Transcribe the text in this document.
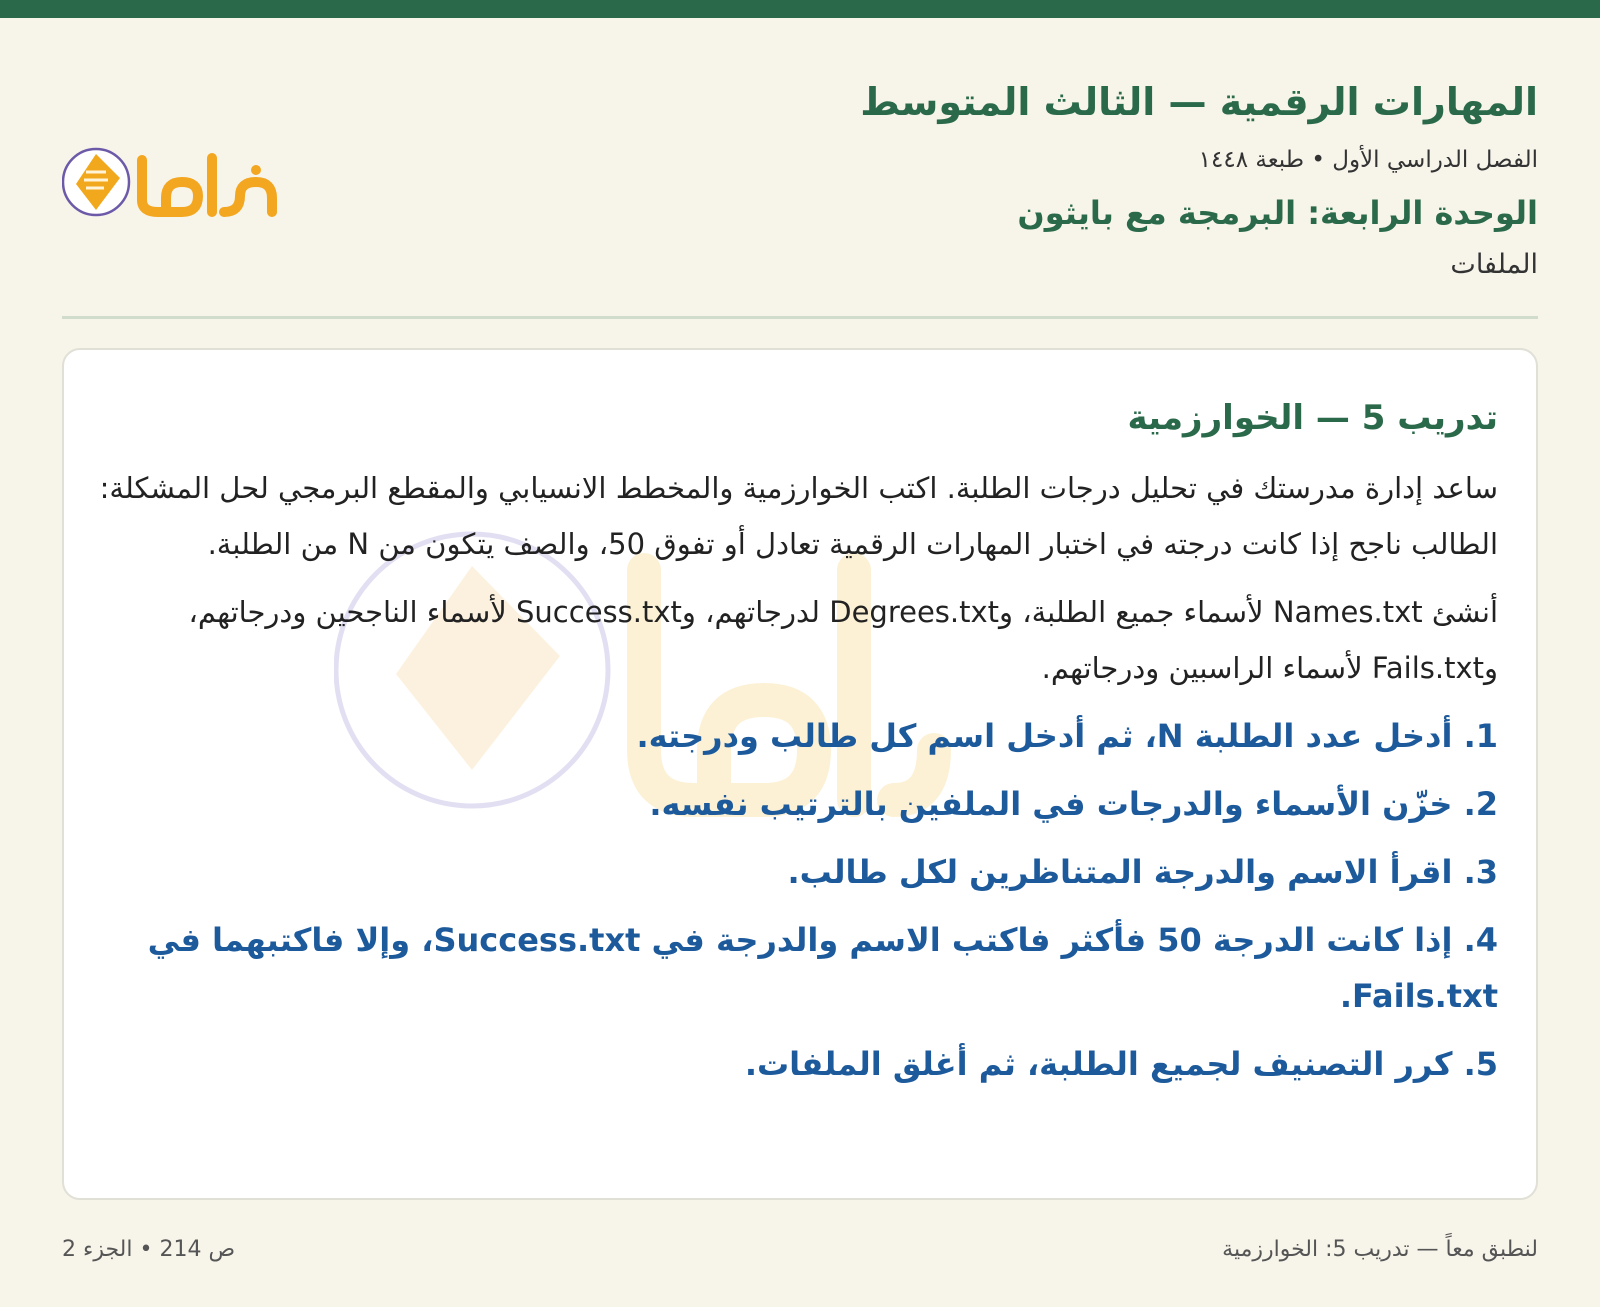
المهارات الرقمية — الثالث المتوسط
الفصل الدراسي الأول • طبعة ١٤٤٨
الوحدة الرابعة: البرمجة مع بايثون
الملفات
تدريب 5 — الخوارزمية

ساعد إدارة مدرستك في تحليل درجات الطلبة. اكتب الخوارزمية والمخطط الانسيابي والمقطع البرمجي لحل المشكلة: الطالب ناجح إذا كانت درجته في اختبار المهارات الرقمية تعادل أو تفوق 50، والصف يتكون من N من الطلبة.

أنشئ Names.txt لأسماء جميع الطلبة، وDegrees.txt لدرجاتهم، وSuccess.txt لأسماء الناجحين ودرجاتهم، وFails.txt لأسماء الراسبين ودرجاتهم.

1. أدخل عدد الطلبة N، ثم أدخل اسم كل طالب ودرجته.
2. خزّن الأسماء والدرجات في الملفين بالترتيب نفسه.
3. اقرأ الاسم والدرجة المتناظرين لكل طالب.
4. إذا كانت الدرجة 50 فأكثر فاكتب الاسم والدرجة في Success.txt، وإلا فاكتبهما في Fails.txt.
5. كرر التصنيف لجميع الطلبة، ثم أغلق الملفات.
لنطبق معاً — تدريب 5: الخوارزمية
ص 214 • الجزء 2
